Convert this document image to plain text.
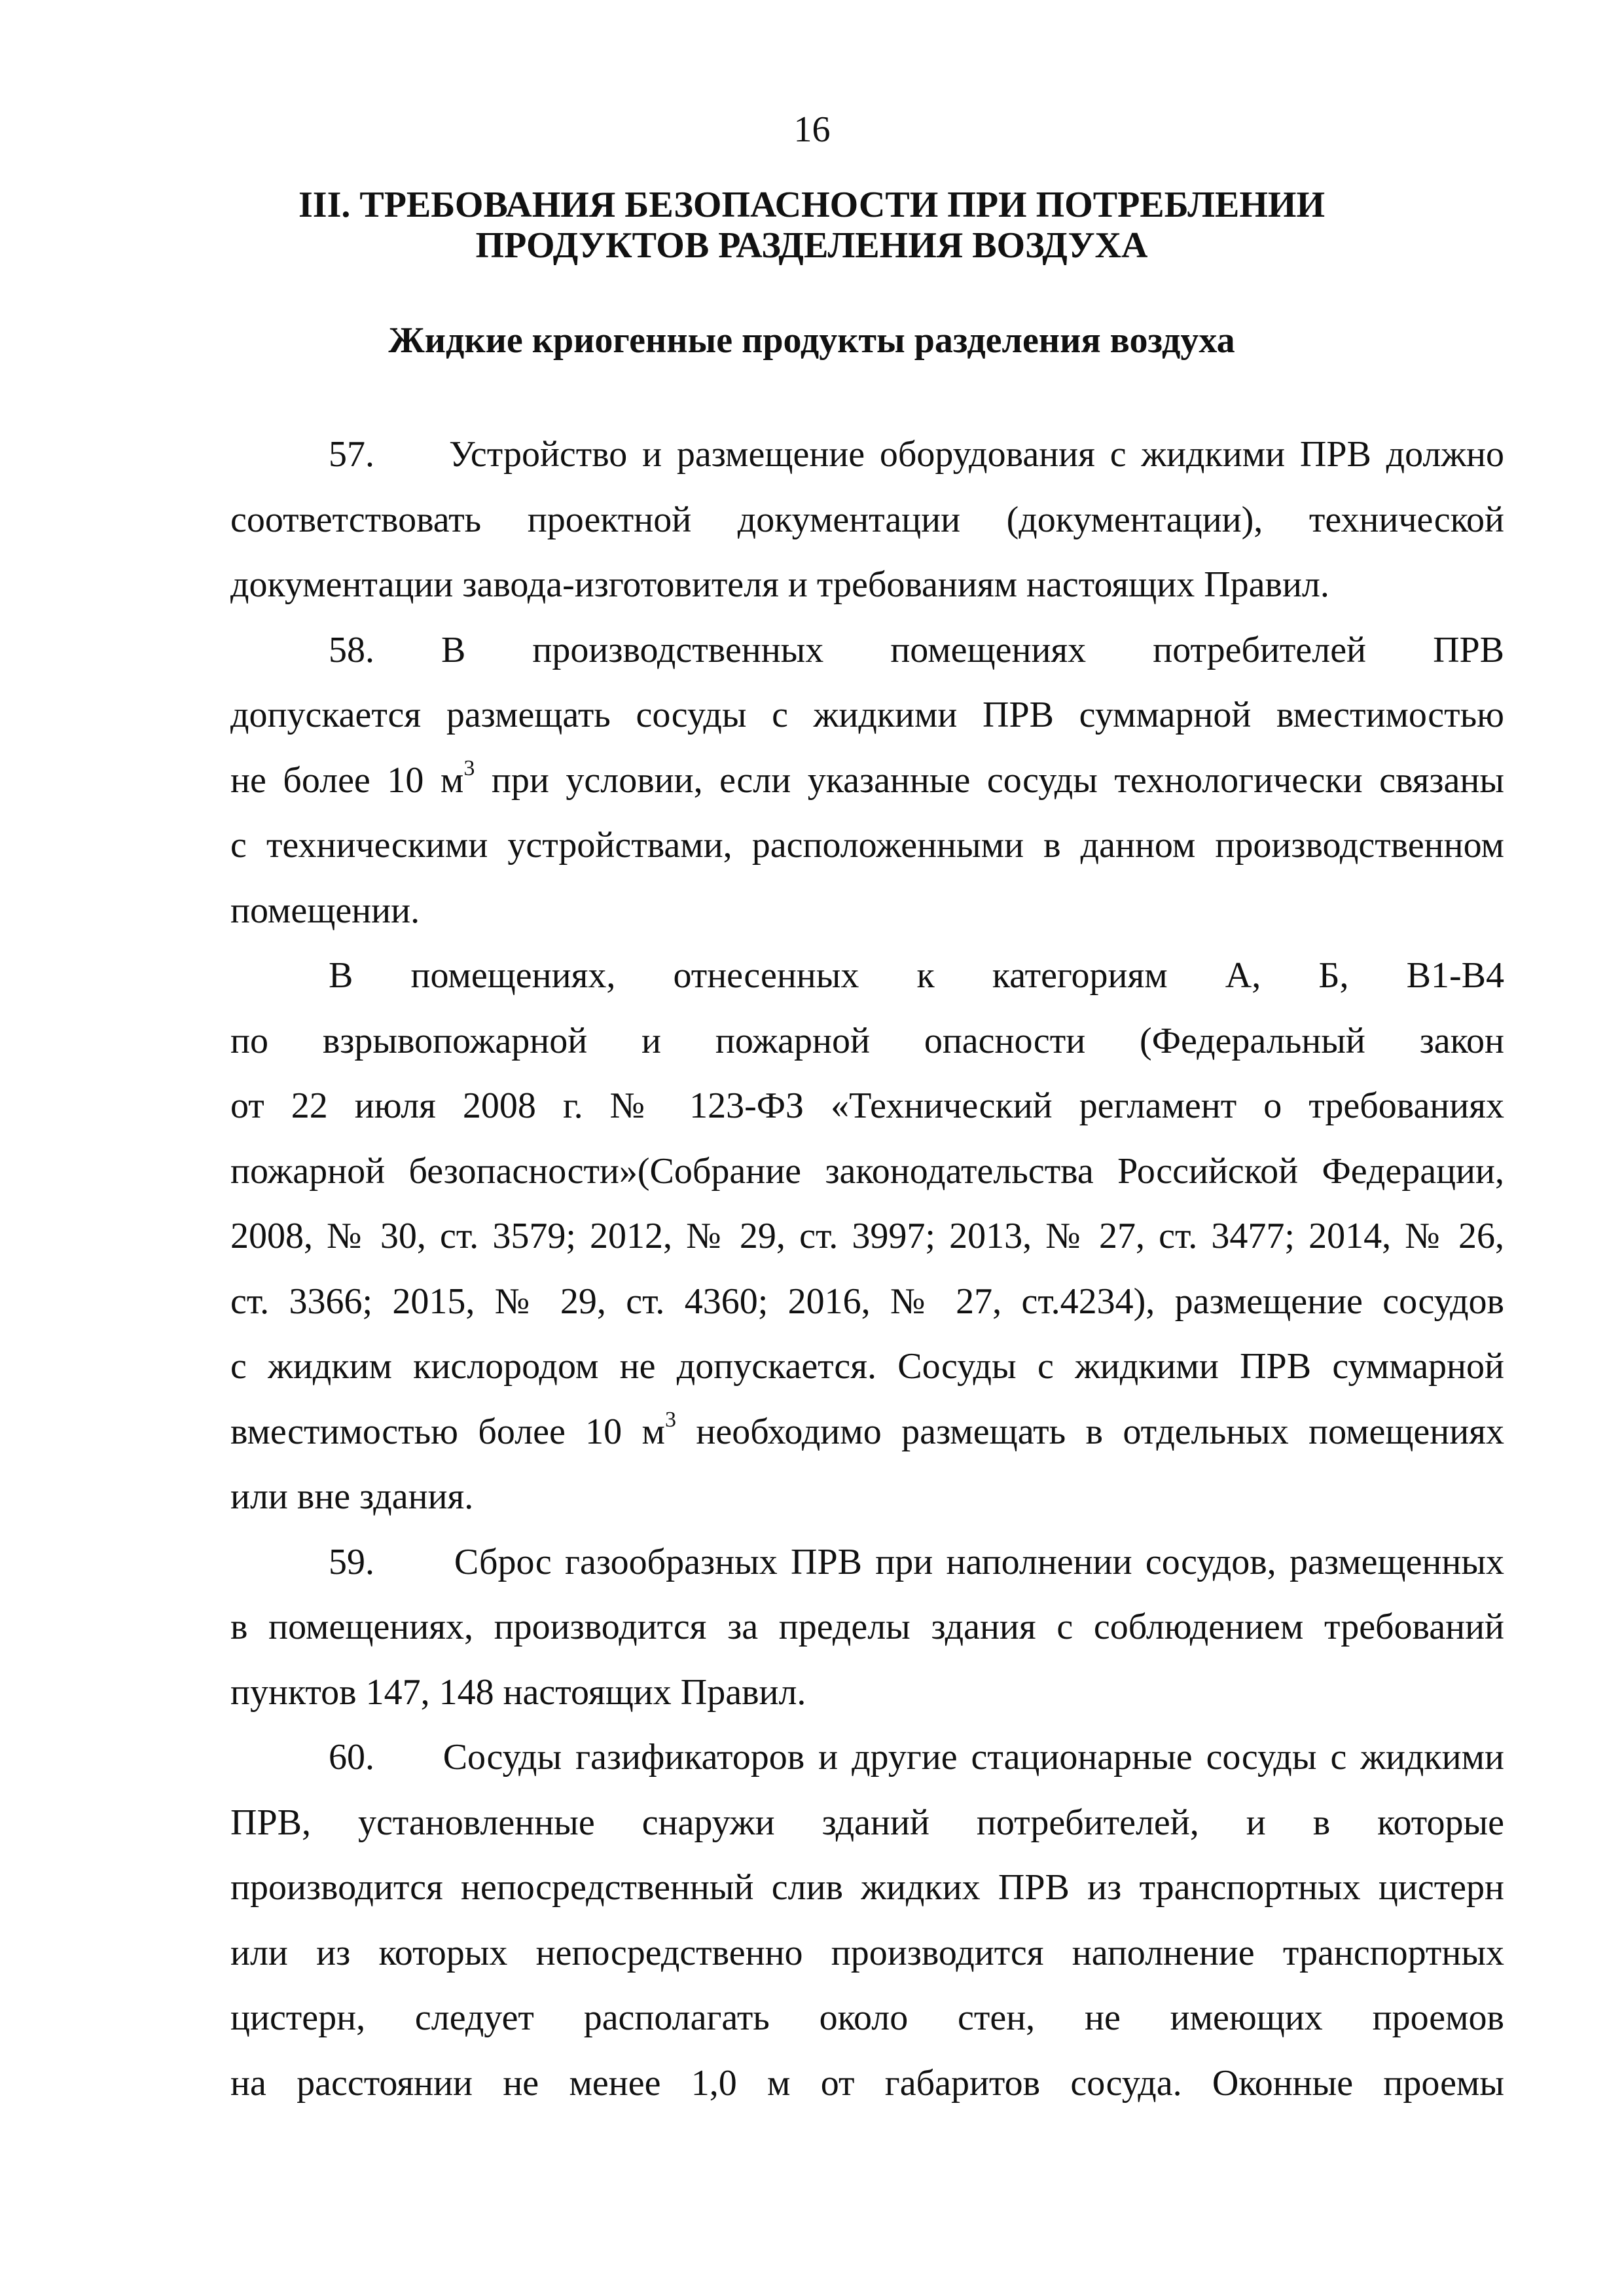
16
III. ТРЕБОВАНИЯ БЕЗОПАСНОСТИ ПРИ ПОТРЕБЛЕНИИ
ПРОДУКТОВ РАЗДЕЛЕНИЯ ВОЗДУХА
Жидкие криогенные продукты разделения воздуха
57.     Устройство и размещение оборудования с жидкими ПРВ должно
соответствовать проектной документации (документации), технической
документации завода-изготовителя и требованиям настоящих Правил.
58. В производственных помещениях потребителей ПРВ
допускается размещать сосуды с жидкими ПРВ суммарной вместимостью
не более 10 $м^3$ при условии, если указанные сосуды технологически связаны
с техническими устройствами, расположенными в данном производственном
помещении.
В помещениях, отнесенных к категориям А, Б, В1-В4
по взрывопожарной и пожарной опасности (Федеральный закон
от 22 июля 2008 г. № 123-ФЗ «Технический регламент о требованиях
пожарной безопасности»(Собрание законодательства Российской Федерации,
2008, № 30, ст. 3579; 2012, № 29, ст. 3997; 2013, № 27, ст. 3477; 2014, № 26,
ст. 3366; 2015, № 29, ст. 4360; 2016, № 27, ст.4234), размещение сосудов
с жидким кислородом не допускается. Сосуды с жидкими ПРВ суммарной
вместимостью более 10 $м^3$ необходимо размещать в отдельных помещениях
или вне здания.
59.      Сброс газообразных ПРВ при наполнении сосудов, размещенных
в помещениях, производится за пределы здания с соблюдением требований
пунктов 147, 148 настоящих Правил.
60.     Сосуды газификаторов и другие стационарные сосуды с жидкими
ПРВ, установленные снаружи зданий потребителей, и в которые
производится непосредственный слив жидких ПРВ из транспортных цистерн
или из которых непосредственно производится наполнение транспортных
цистерн, следует располагать около стен, не имеющих проемов
на расстоянии не менее 1,0 м от габаритов сосуда. Оконные проемы
